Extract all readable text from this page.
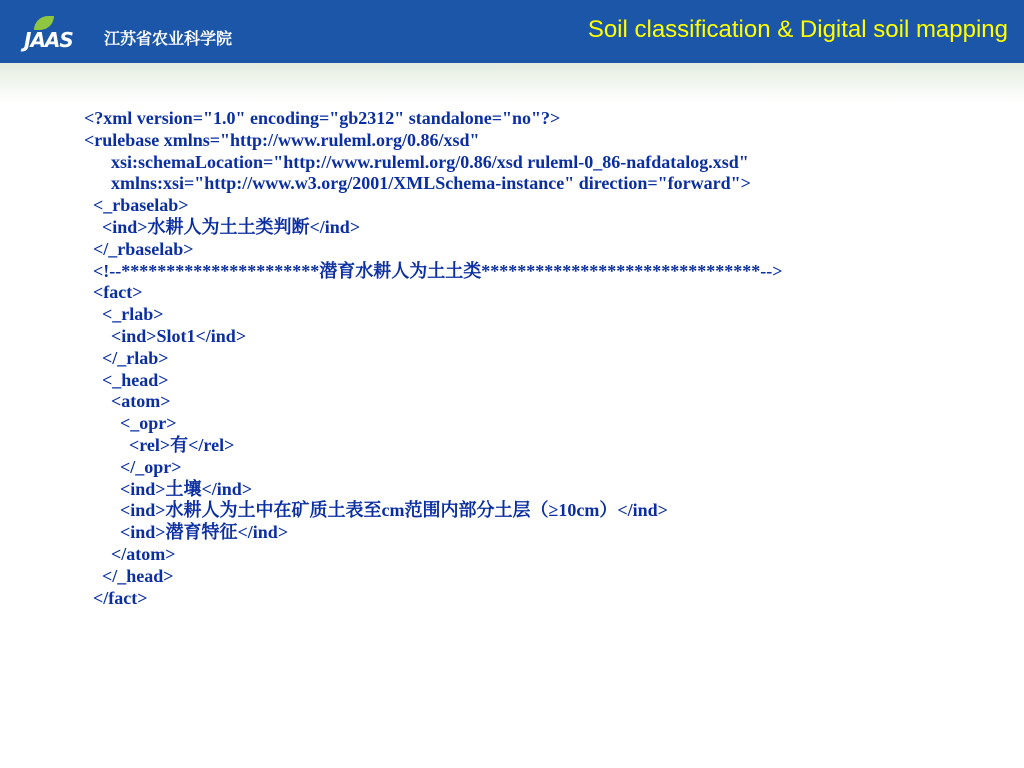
JAAS 江苏省农业科学院	Soil classification & Digital soil mapping
<?xml version="1.0" encoding="gb2312" standalone="no"?>
<rulebase xmlns="http://www.ruleml.org/0.86/xsd"
xsi:schemaLocation="http://www.ruleml.org/0.86/xsd ruleml-0_86-nafdatalog.xsd"
xmlns:xsi="http://www.w3.org/2001/XMLSchema-instance" direction="forward">
<_rbaselab>
<ind>水耕人为土土类判断</ind>
</_rbaselab>
<!--**********************潜育水耕人为土土类*******************************-->
<fact>
<_rlab>
<ind>Slot1</ind>
</_rlab>
<_head>
<atom>
<_opr>
<rel>有</rel>
</_opr>
<ind>土壤</ind>
<ind>水耕人为土中在矿质土表至cm范围内部分土层（≥10cm）</ind>
<ind>潜育特征</ind>
</atom>
</_head>
</fact>
